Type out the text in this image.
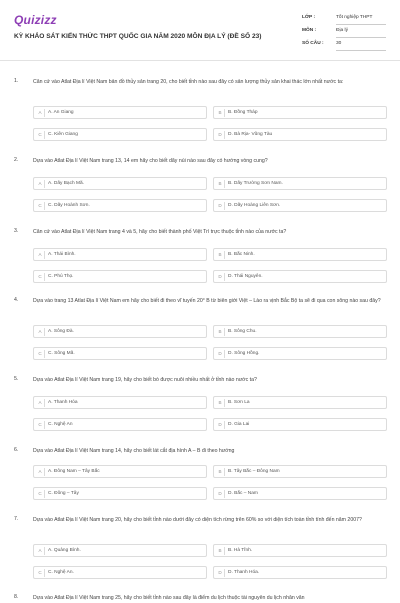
Quizizz
KỲ KHẢO SÁT KIẾN THỨC THPT QUỐC GIA NĂM 2020 MÔN ĐỊA LÝ (ĐỀ SỐ 23)
LỚP :	Tốt nghiệp THPT
MÔN :	Địa lý
SỐ CÂU :	30
1.	Căn cứ vào Atlat Địa lí Việt Nam bản đồ thủy sản trang 20, cho biết tỉnh nào sau đây có sản lượng thủy sản khai thác lớn nhất nước ta:
A	A. An Giang	B	B. Đồng Tháp
C	C. Kiên Giang	D	D. Bà Rịa- Vũng Tàu
2.	Dựa vào Atlat Địa lí Việt Nam trang 13, 14 em hãy cho biết dãy núi nào sau đây có hướng vòng cung?
A	A. Dãy Bạch Mã.	B	B. Dãy Trường Sơn Nam.
C	C. Dãy Hoành Sơn.	D	D. Dãy Hoàng Liên Sơn.
3.	Căn cứ vào Atlat Địa lí Việt Nam trang 4 và 5, hãy cho biết thành phố Việt Trì trực thuộc tỉnh nào của nước ta?
A	A. Thái Bình.	B	B. Bắc Ninh.
C	C. Phú Thọ.	D	D. Thái Nguyên.
4.	Dựa vào trang 13 Atlat Địa lí Việt Nam em hãy cho biết đi theo vĩ tuyến 20° B từ biên giới Việt – Lào ra vịnh Bắc Bộ ta sẽ đi qua con sông nào sau đây?
A	A. Sông Đà.	B	B. Sông Chu.
C	C. Sông Mã.	D	D. Sông Hồng.
5.	Dựa vào Atlat Địa lí Việt Nam trang 19, hãy cho biết bò được nuôi nhiều nhất ở tỉnh nào nước ta?
A	A. Thanh Hóa	B	B. Sơn La
C	C. Nghệ An	D	D. Gia Lai
6.	Dựa vào Atlat Địa lí Việt Nam trang 14, hãy cho biết lát cắt địa hình A – B đi theo hướng
A	A. Đông Nam – Tây Bắc	B	B. Tây Bắc – Đông Nam
C	C. Đông – Tây	D	D. Bắc – Nam
7.	Dựa vào Atlat Địa lí Việt Nam trang 20, hãy cho biết tỉnh nào dưới đây có diện tích rừng trên 60% so với diện tích toàn tỉnh tính đến năm 2007?
A	A. Quảng Bình.	B	B. Hà Tĩnh.
C	C. Nghệ An.	D	D. Thanh Hóa.
8.	Dựa vào Atlat Địa lí Việt Nam trang 25, hãy cho biết tỉnh nào sau đây là điểm du lịch thuộc tài nguyên du lịch nhân văn
